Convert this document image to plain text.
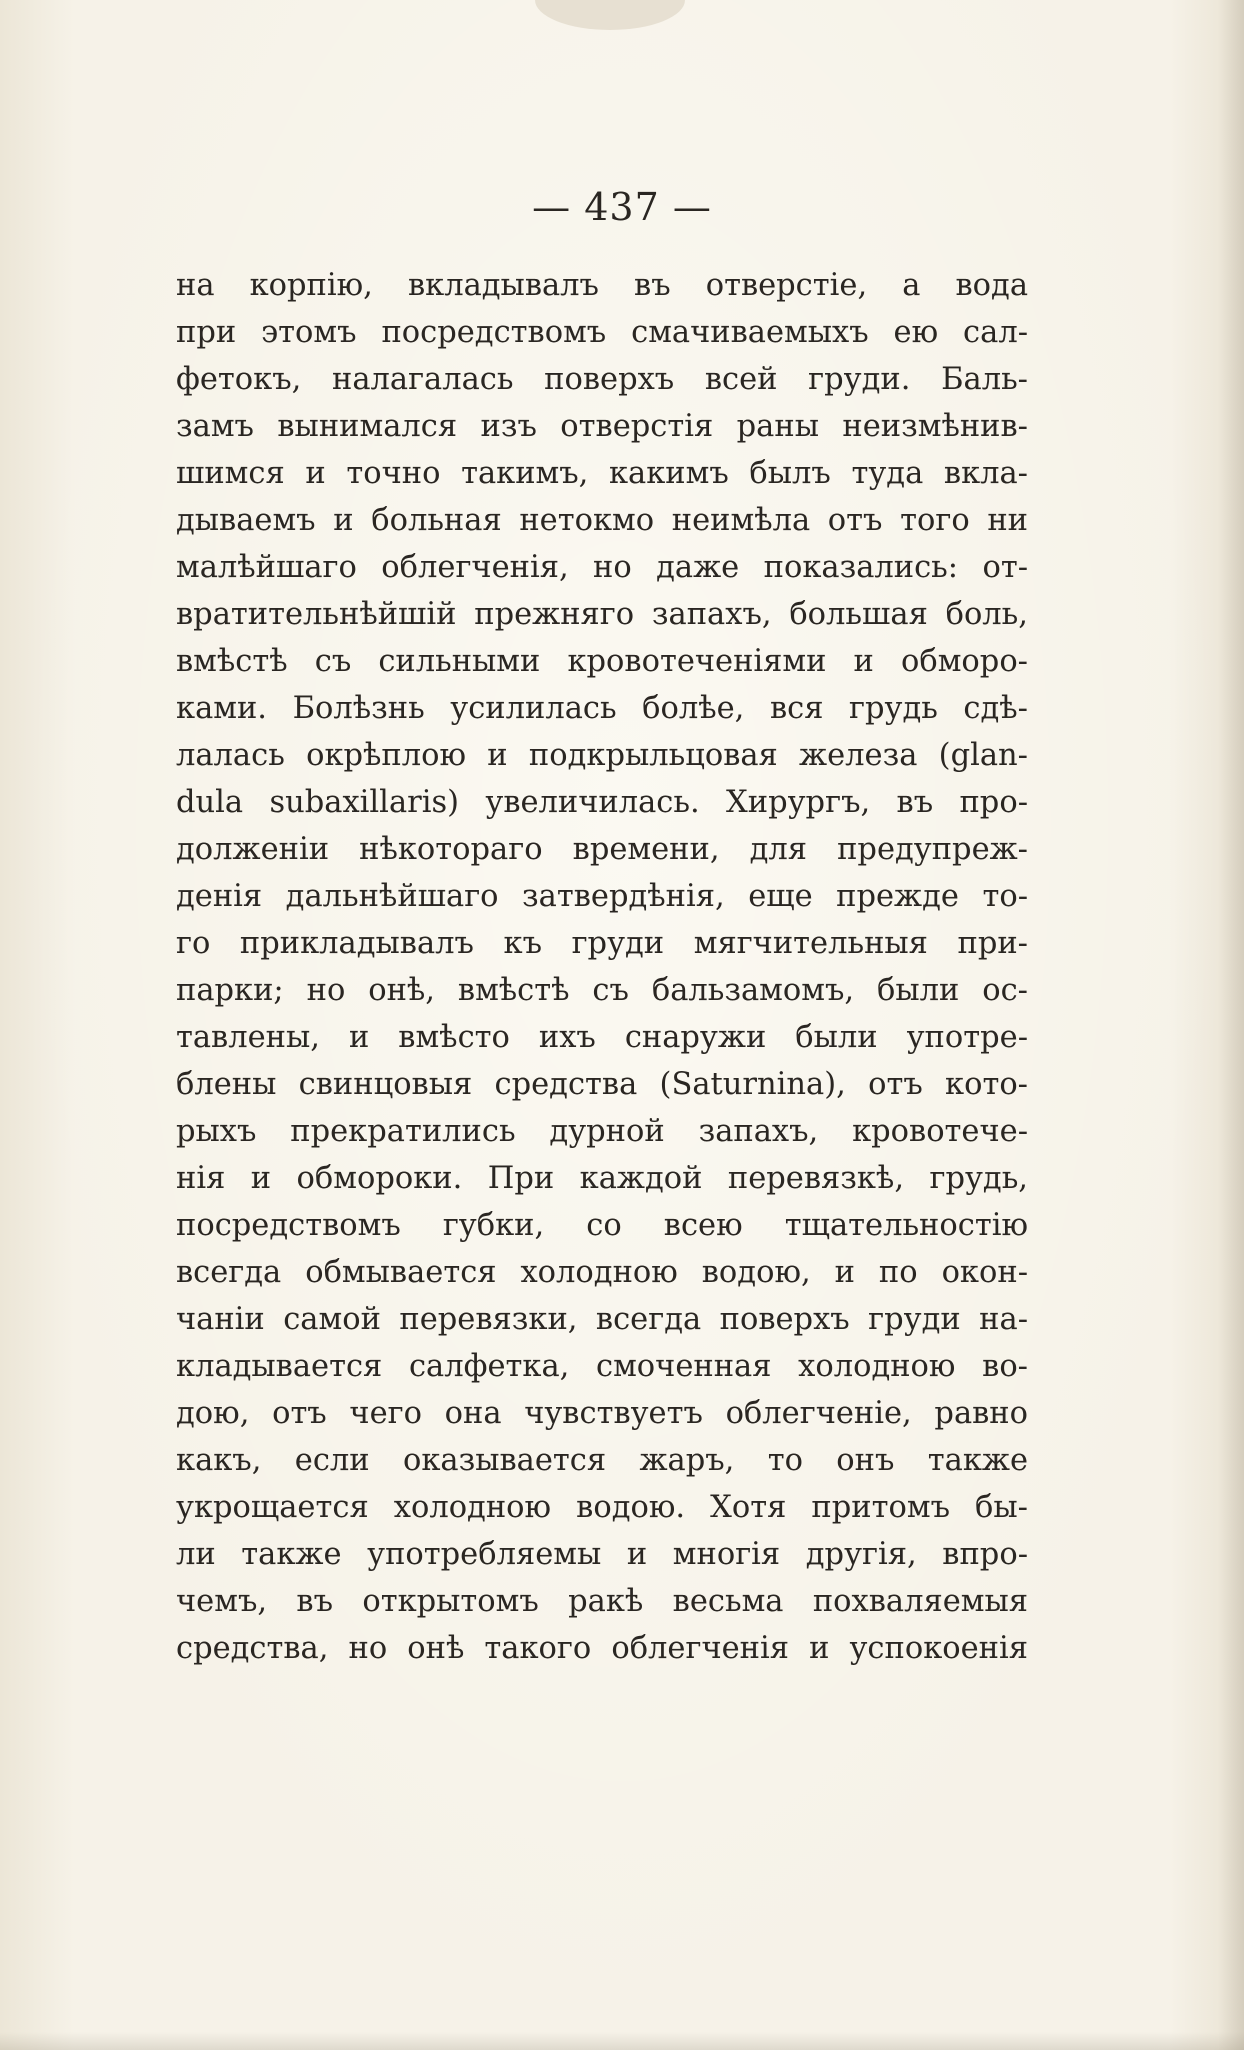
— 437 —
на корпію, вкладывалъ въ отверстіе, а вода
при этомъ посредствомъ смачиваемыхъ ею сал-
фетокъ, налагалась поверхъ всей груди. Баль-
замъ вынимался изъ отверстія раны неизмѣнив-
шимся и точно такимъ, какимъ былъ туда вкла-
дываемъ и больная нетокмо неимѣла отъ того ни
малѣйшаго облегченія, но даже показались: от-
вратительнѣйшій прежняго запахъ, большая боль,
вмѣстѣ съ сильными кровотеченіями и обморо-
ками. Болѣзнь усилилась болѣе, вся грудь сдѣ-
лалась окрѣплою и подкрыльцовая железа (glan-
dula subaxillaris) увеличилась. Хирургъ, въ про-
долженіи нѣкотораго времени, для предупреж-
денія дальнѣйшаго затвердѣнія, еще прежде то-
го прикладывалъ къ груди мягчительныя при-
парки; но онѣ, вмѣстѣ съ бальзамомъ, были ос-
тавлены, и вмѣсто ихъ снаружи были употре-
блены свинцовыя средства (Saturnina), отъ кото-
рыхъ прекратились дурной запахъ, кровотече-
нія и обмороки. При каждой перевязкѣ, грудь,
посредствомъ губки, со всею тщательностію
всегда обмывается холодною водою, и по окон-
чаніи самой перевязки, всегда поверхъ груди на-
кладывается салфетка, смоченная холодною во-
дою, отъ чего она чувствуетъ облегченіе, равно
какъ, если оказывается жаръ, то онъ также
укрощается холодною водою. Хотя притомъ бы-
ли также употребляемы и многія другія, впро-
чемъ, въ открытомъ ракѣ весьма похваляемыя
средства, но онѣ такого облегченія и успокоенія
